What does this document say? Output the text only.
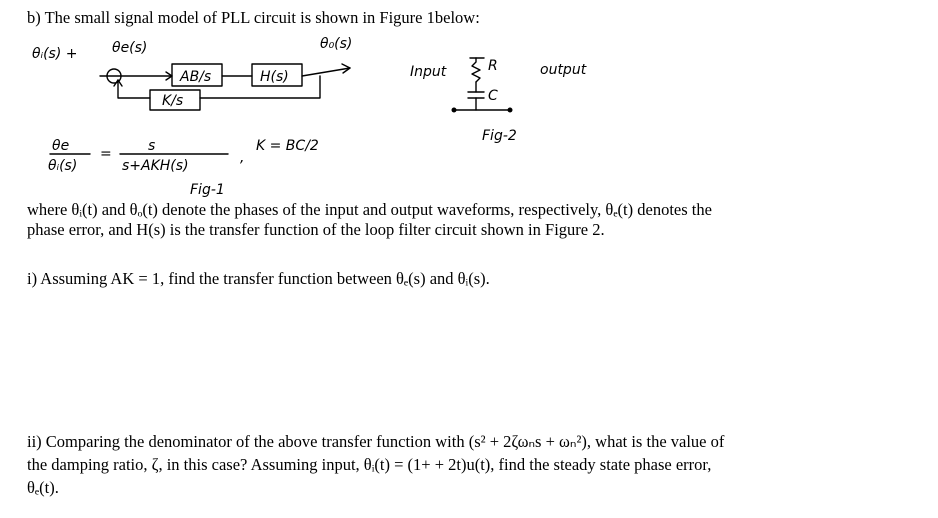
b) The small signal model of PLL circuit is shown in Figure 1below:
θᵢ(s) + θe(s)	θ₀(s)
AB/s	H(s)
K/s
θe
θᵢ(s)
=	s
s+AKH(s)	,
K = BC/2
Fig-1
Input	output
R
C
Fig-2
where θᵢ(t) and θₒ(t) denote the phases of the input and output waveforms, respectively, θₑ(t) denotes the
phase error, and H(s) is the transfer function of the loop filter circuit shown in Figure 2.
i) Assuming AK = 1, find the transfer function between θₑ(s) and θᵢ(s).
ii) Comparing the denominator of the above transfer function with (s² + 2ζωₙs + ωₙ²), what is the value of
the damping ratio, ζ, in this case? Assuming input, θᵢ(t) = (1+ + 2t)u(t), find the steady state phase error,
θₑ(t).
